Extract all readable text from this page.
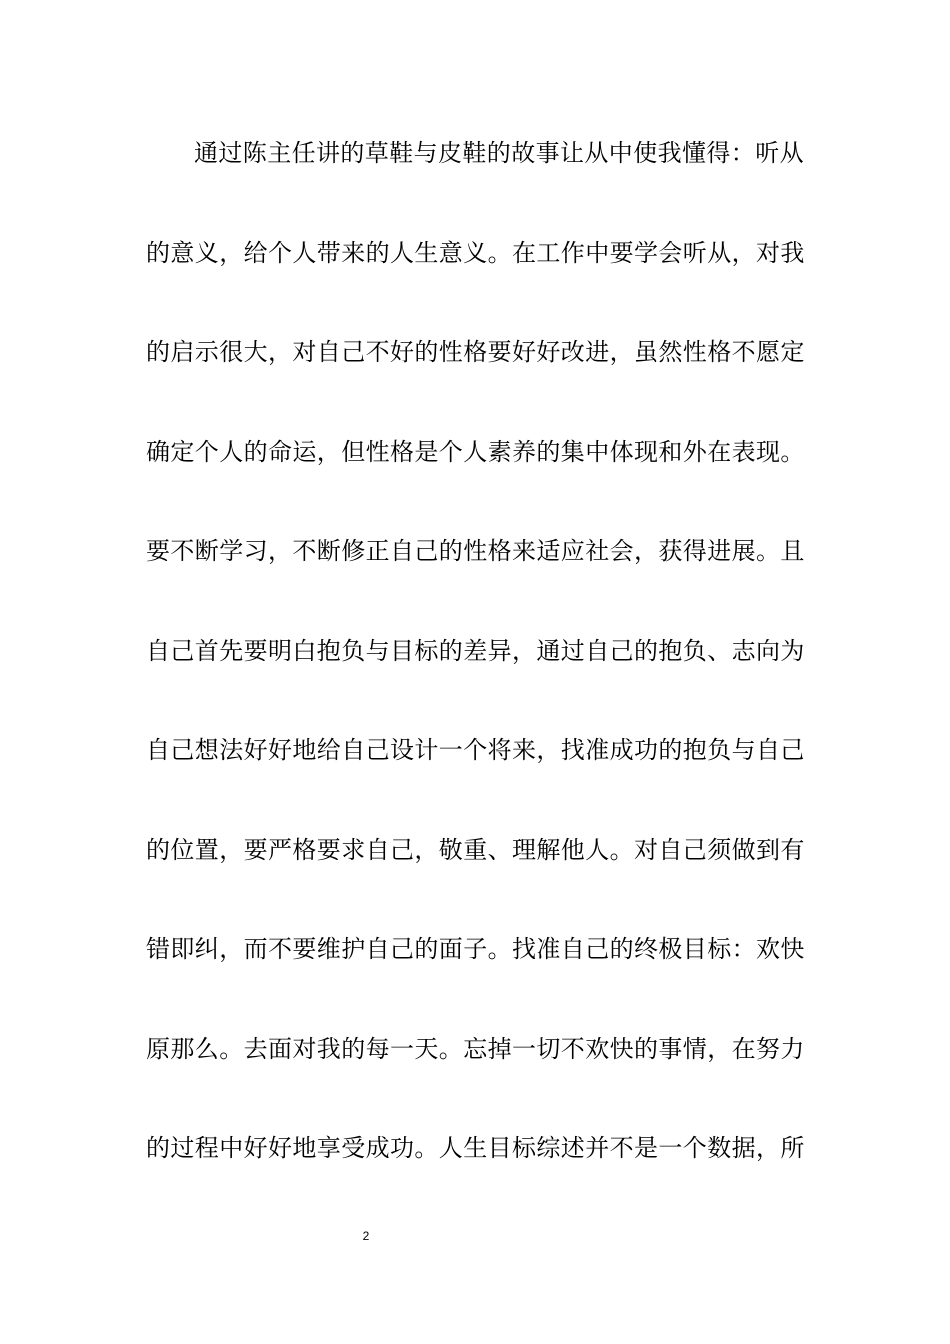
通过陈主任讲的草鞋与皮鞋的故事让从中使我懂得：听从
的意义，给个人带来的人生意义。在工作中要学会听从，对我
的启示很大，对自己不好的性格要好好改进，虽然性格不愿定
确定个人的命运，但性格是个人素养的集中体现和外在表现。
要不断学习，不断修正自己的性格来适应社会，获得进展。且
自己首先要明白抱负与目标的差异，通过自己的抱负、志向为
自己想法好好地给自己设计一个将来，找准成功的抱负与自己
的位置，要严格要求自己，敬重、理解他人。对自己须做到有
错即纠，而不要维护自己的面子。找准自己的终极目标：欢快
原那么。去面对我的每一天。忘掉一切不欢快的事情，在努力
的过程中好好地享受成功。人生目标综述并不是一个数据，所
2
